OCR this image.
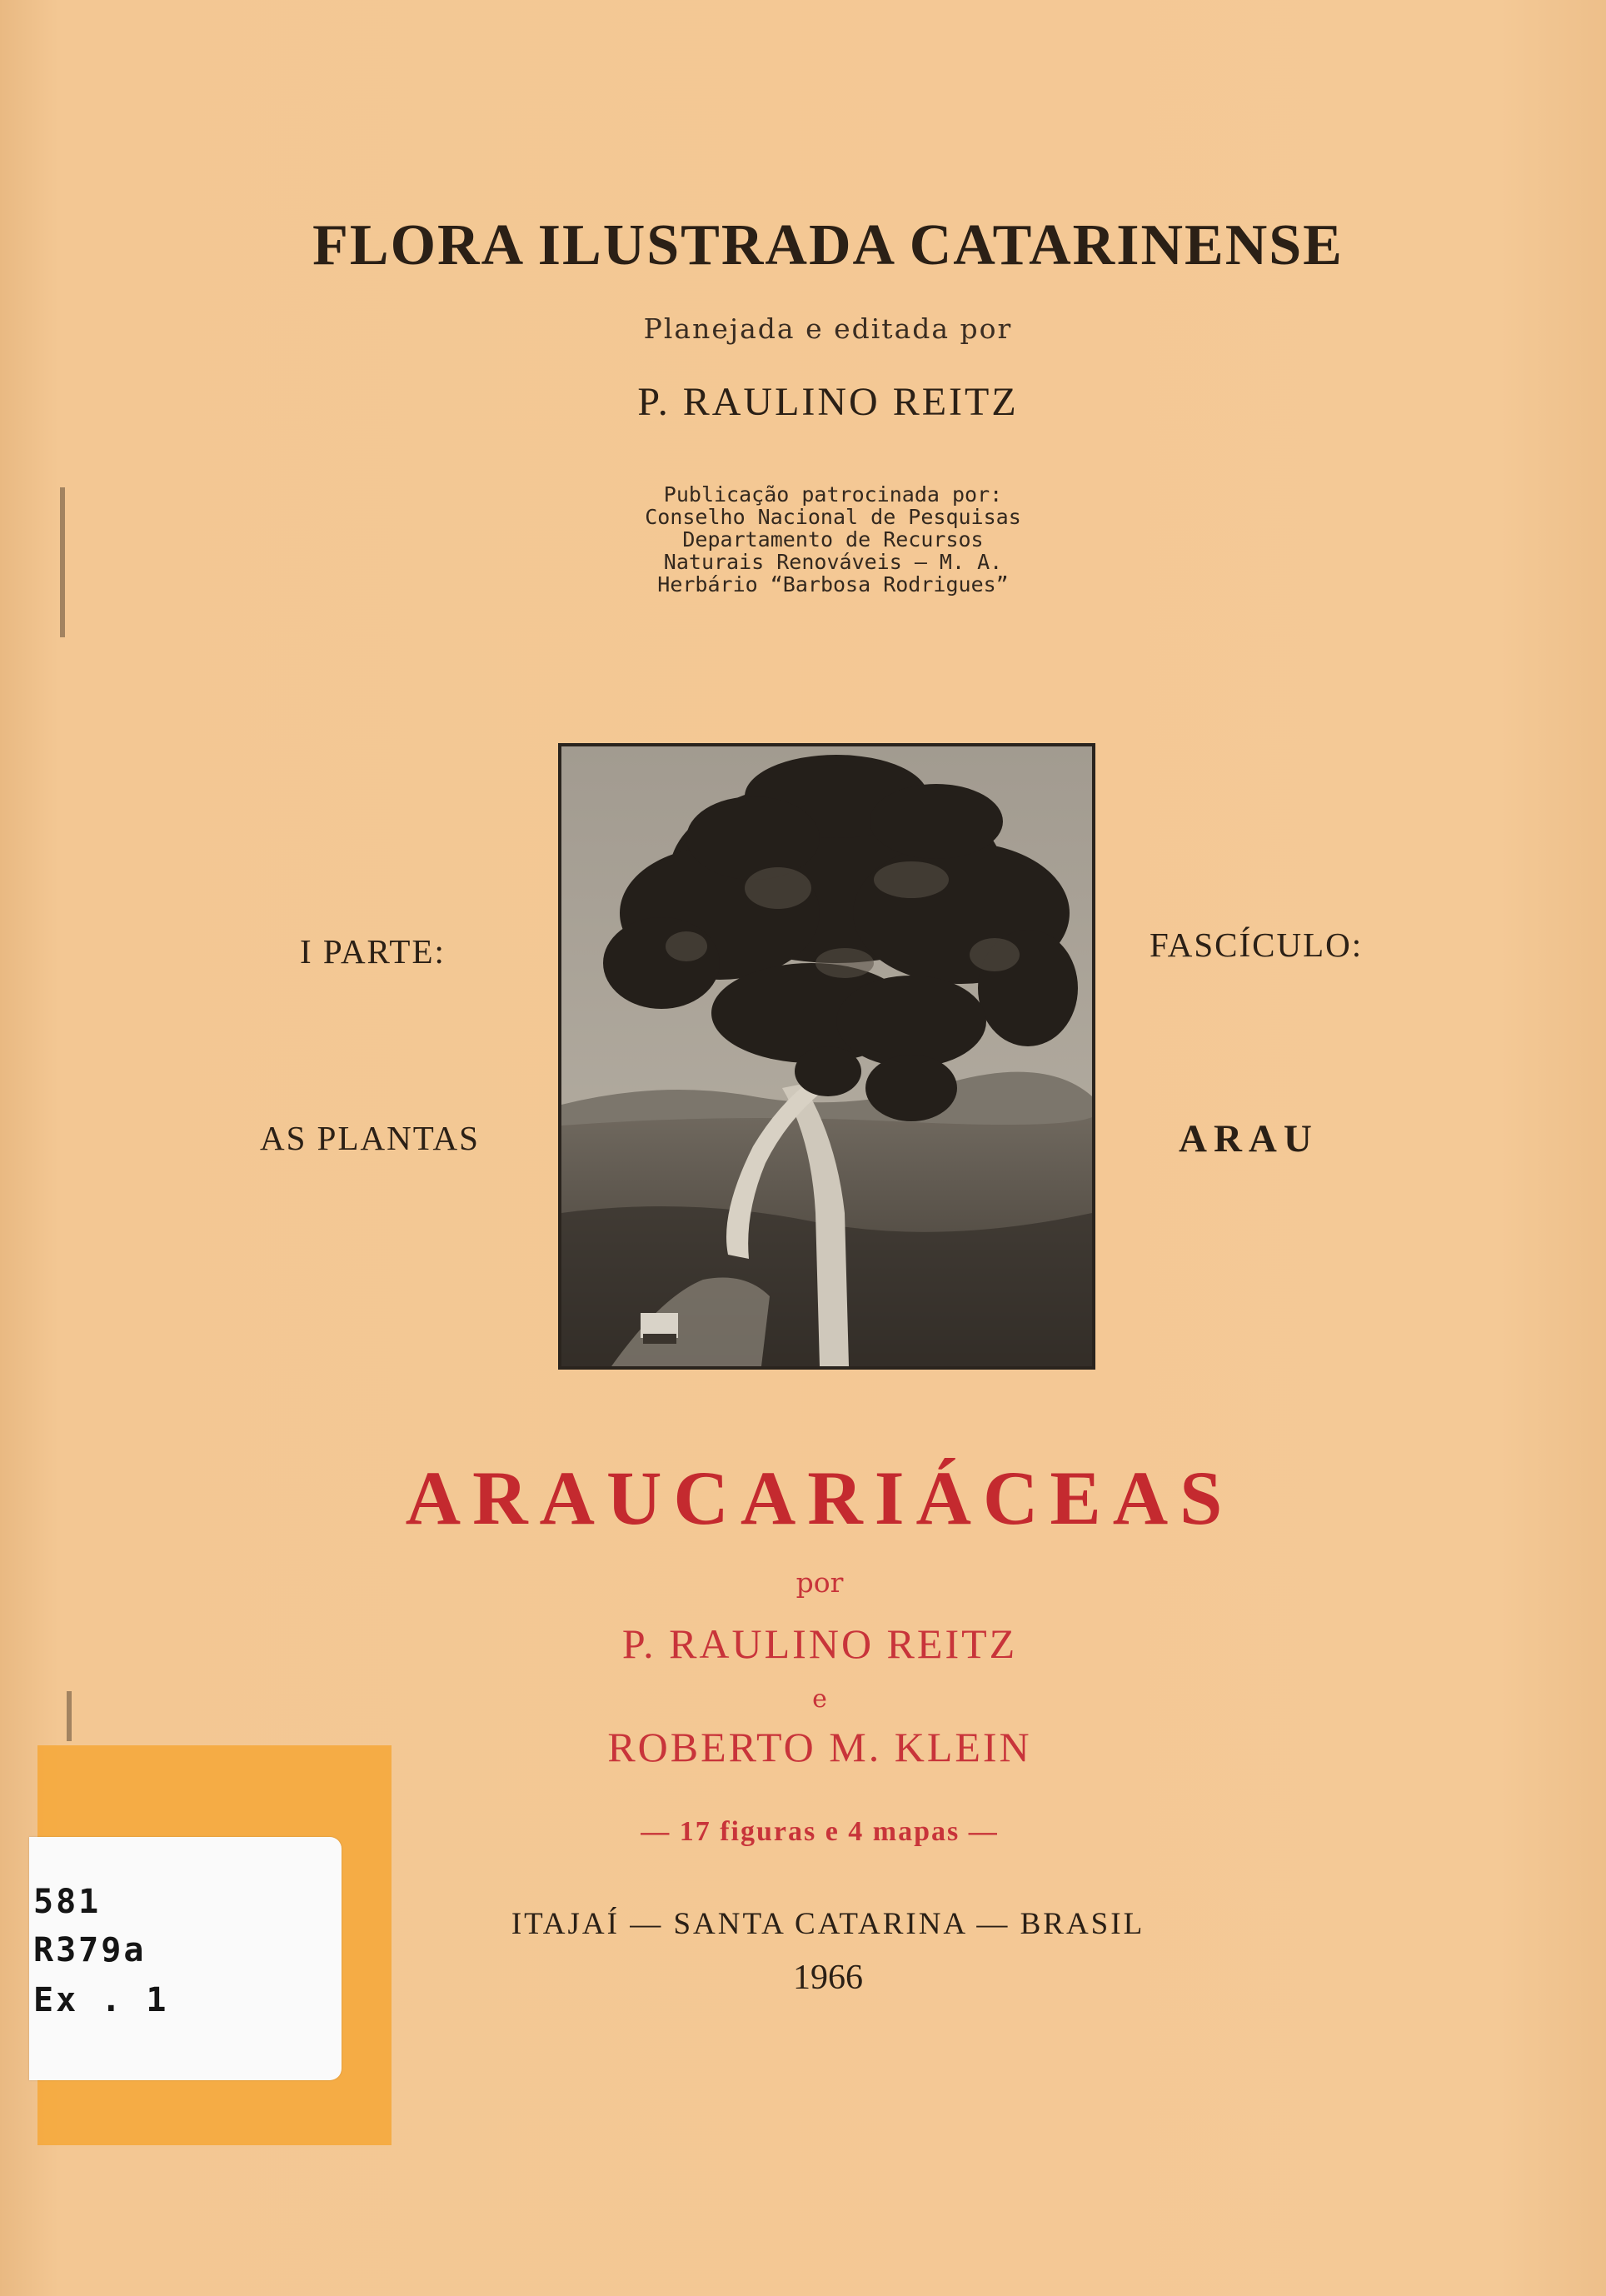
FLORA ILUSTRADA CATARINENSE
Planejada e editada por
P. RAULINO REITZ
Publicação patrocinada por:
Conselho Nacional de Pesquisas
Departamento de Recursos
Naturais Renováveis — M. A.
Herbário “Barbosa Rodrigues”
I PARTE:
AS PLANTAS
FASCÍCULO:
ARAU
ARAUCARIÁCEAS
por
P. RAULINO REITZ
e
ROBERTO M. KLEIN
— 17 figuras e 4 mapas —
ITAJAÍ — SANTA CATARINA — BRASIL
1966
581
R379a
Ex . 1
